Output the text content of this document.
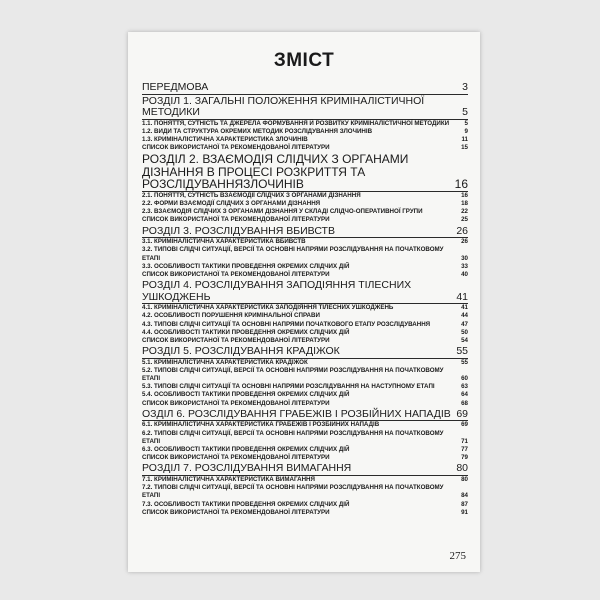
ЗМІСТ
ПЕРЕДМОВА	3
РОЗДІЛ 1. ЗАГАЛЬНІ ПОЛОЖЕННЯ КРИМІНАЛІСТИЧНОЇ МЕТОДИКИ	5
1.1. ПОНЯТТЯ, СУТНІСТЬ ТА ДЖЕРЕЛА ФОРМУВАННЯ Й РОЗВИТКУ КРИМІНАЛІСТИЧНОЇ МЕТОДИКИ	5
1.2. ВИДИ ТА СТРУКТУРА ОКРЕМИХ МЕТОДИК РОЗСЛІДУВАННЯ ЗЛОЧИНІВ	9
1.3. КРИМІНАЛІСТИЧНА ХАРАКТЕРИСТИКА ЗЛОЧИНІВ	11
СПИСОК ВИКОРИСТАНОЇ ТА РЕКОМЕНДОВАНОЇ ЛІТЕРАТУРИ	15
РОЗДІЛ 2. ВЗАЄМОДІЯ СЛІДЧИХ З ОРГАНАМИ ДІЗНАННЯ В ПРОЦЕСІ РОЗКРИТТЯ ТА РОЗСЛІДУВАННЯЗЛОЧИНІВ	16
2.1. ПОНЯТТЯ, СУТНІСТЬ ВЗАЄМОДІЇ СЛІДЧИХ З ОРГАНАМИ ДІЗНАННЯ	16
2.2. ФОРМИ ВЗАЄМОДІЇ СЛІДЧИХ З ОРГАНАМИ ДІЗНАННЯ	18
2.3. ВЗАЄМОДІЯ СЛІДЧИХ З ОРГАНАМИ ДІЗНАННЯ У СКЛАДІ СЛІДЧО-ОПЕРАТИВНОЇ ГРУПИ	22
СПИСОК ВИКОРИСТАНОЇ ТА РЕКОМЕНДОВАНОЇ ЛІТЕРАТУРИ	25
РОЗДІЛ 3. РОЗСЛІДУВАННЯ ВБИВСТВ	26
3.1. КРИМІНАЛІСТИЧНА ХАРАКТЕРИСТИКА ВБИВСТВ	26
3.2. ТИПОВІ СЛІДЧІ СИТУАЦІЇ, ВЕРСІЇ ТА ОСНОВНІ НАПРЯМИ РОЗСЛІДУВАННЯ НА ПОЧАТКОВОМУ ЕТАПІ	30
3.3. ОСОБЛИВОСТІ ТАКТИКИ ПРОВЕДЕННЯ ОКРЕМИХ СЛІДЧИХ ДІЙ	33
СПИСОК ВИКОРИСТАНОЇ ТА РЕКОМЕНДОВАНОЇ ЛІТЕРАТУРИ	40
РОЗДІЛ 4. РОЗСЛІДУВАННЯ ЗАПОДІЯННЯ ТІЛЕСНИХ УШКОДЖЕНЬ	41
4.1. КРИМІНАЛІСТИЧНА ХАРАКТЕРИСТИКА ЗАПОДІЯННЯ ТІЛЕСНИХ УШКОДЖЕНЬ	41
4.2. ОСОБЛИВОСТІ ПОРУШЕННЯ КРИМІНАЛЬНОЇ СПРАВИ	44
4.3. ТИПОВІ СЛІДЧІ СИТУАЦІЇ ТА ОСНОВНІ НАПРЯМИ ПОЧАТКОВОГО ЕТАПУ РОЗСЛІДУВАННЯ	47
4.4. ОСОБЛИВОСТІ ТАКТИКИ ПРОВЕДЕННЯ ОКРЕМИХ СЛІДЧИХ ДІЙ	50
СПИСОК ВИКОРИСТАНОЇ ТА РЕКОМЕНДОВАНОЇ ЛІТЕРАТУРИ	54
РОЗДІЛ 5. РОЗСЛІДУВАННЯ КРАДІЖОК	55
5.1. КРИМІНАЛІСТИЧНА ХАРАКТЕРИСТИКА КРАДІЖОК	55
5.2. ТИПОВІ СЛІДЧІ СИТУАЦІЇ, ВЕРСІЇ ТА ОСНОВНІ НАПРЯМИ РОЗСЛІДУВАННЯ НА ПОЧАТКОВОМУ ЕТАПІ	60
5.3. ТИПОВІ СЛІДЧІ СИТУАЦІЇ ТА ОСНОВНІ НАПРЯМИ РОЗСЛІДУВАННЯ НА НАСТУПНОМУ ЕТАПІ	63
5.4. ОСОБЛИВОСТІ ТАКТИКИ ПРОВЕДЕННЯ ОКРЕМИХ СЛІДЧИХ ДІЙ	64
СПИСОК ВИКОРИСТАНОЇ ТА РЕКОМЕНДОВАНОЇ ЛІТЕРАТУРИ	68
ОЗДІЛ 6. РОЗСЛІДУВАННЯ ГРАБЕЖІВ І РОЗБІЙНИХ НАПАДІВ 69
6.1. КРИМІНАЛІСТИЧНА ХАРАКТЕРИСТИКА ГРАБЕЖІВ І РОЗБІЙНИХ НАПАДІВ	69
6.2. ТИПОВІ СЛІДЧІ СИТУАЦІЇ, ВЕРСІЇ ТА ОСНОВНІ НАПРЯМИ РОЗСЛІДУВАННЯ НА ПОЧАТКОВОМУ ЕТАПІ	71
6.3. ОСОБЛИВОСТІ ТАКТИКИ ПРОВЕДЕННЯ ОКРЕМИХ СЛІДЧИХ ДІЙ	77
СПИСОК ВИКОРИСТАНОЇ ТА РЕКОМЕНДОВАНОЇ ЛІТЕРАТУРИ	79
РОЗДІЛ 7. РОЗСЛІДУВАННЯ ВИМАГАННЯ	80
7.1. КРИМІНАЛІСТИЧНА ХАРАКТЕРИСТИКА ВИМАГАННЯ	80
7.2. ТИПОВІ СЛІДЧІ СИТУАЦІЇ, ВЕРСІЇ ТА ОСНОВНІ НАПРЯМИ РОЗСЛІДУВАННЯ НА ПОЧАТКОВОМУ ЕТАПІ	84
7.3. ОСОБЛИВОСТІ ТАКТИКИ ПРОВЕДЕННЯ ОКРЕМИХ СЛІДЧИХ ДІЙ	87
СПИСОК ВИКОРИСТАНОЇ ТА РЕКОМЕНДОВАНОЇ ЛІТЕРАТУРИ	91
275
